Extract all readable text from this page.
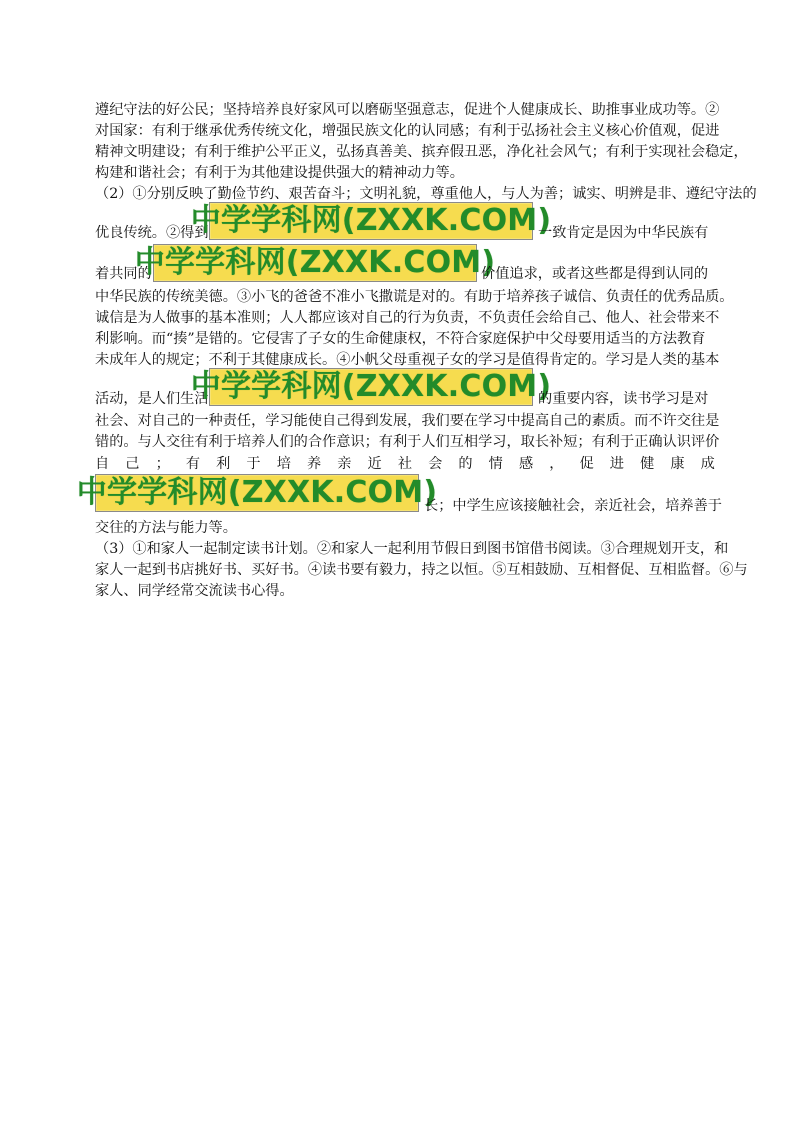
遵纪守法的好公民；坚持培养良好家风可以磨砺坚强意志，促进个人健康成长、助推事业成功等。②
对国家：有利于继承优秀传统文化，增强民族文化的认同感；有利于弘扬社会主义核心价值观，促进
精神文明建设；有利于维护公平正义，弘扬真善美、摈弃假丑恶，净化社会风气；有利于实现社会稳定，
构建和谐社会；有利于为其他建设提供强大的精神动力等。
（2）①分别反映了勤俭节约、艰苦奋斗；文明礼貌，尊重他人，与人为善；诚实、明辨是非、遵纪守法的
优良传统。②得到
中学学科网(ZXXK.COM)
一致肯定是因为中华民族有
着共同的
中学学科网(ZXXK.COM)
价值追求，或者这些都是得到认同的
中华民族的传统美德。③小飞的爸爸不准小飞撒谎是对的。有助于培养孩子诚信、负责任的优秀品质。
诚信是为人做事的基本准则；人人都应该对自己的行为负责，不负责任会给自己、他人、社会带来不
利影响。而“揍”是错的。它侵害了子女的生命健康权，不符合家庭保护中父母要用适当的方法教育
未成年人的规定；不利于其健康成长。④小帆父母重视子女的学习是值得肯定的。学习是人类的基本
活动，是人们生活
中学学科网(ZXXK.COM)
的重要内容，读书学习是对
社会、对自己的一种责任，学习能使自己得到发展，我们要在学习中提高自己的素质。而不许交往是
错的。与人交往有利于培养人们的合作意识；有利于人们互相学习，取长补短；有利于正确认识评价
自 己 ； 有 利 于 培 养 亲 近 社 会 的 情 感 ， 促 进 健 康 成
中学学科网(ZXXK.COM)
长；中学生应该接触社会，亲近社会，培养善于
交往的方法与能力等。
（3）①和家人一起制定读书计划。②和家人一起利用节假日到图书馆借书阅读。③合理规划开支，和
家人一起到书店挑好书、买好书。④读书要有毅力，持之以恒。⑤互相鼓励、互相督促、互相监督。⑥与
家人、同学经常交流读书心得。
